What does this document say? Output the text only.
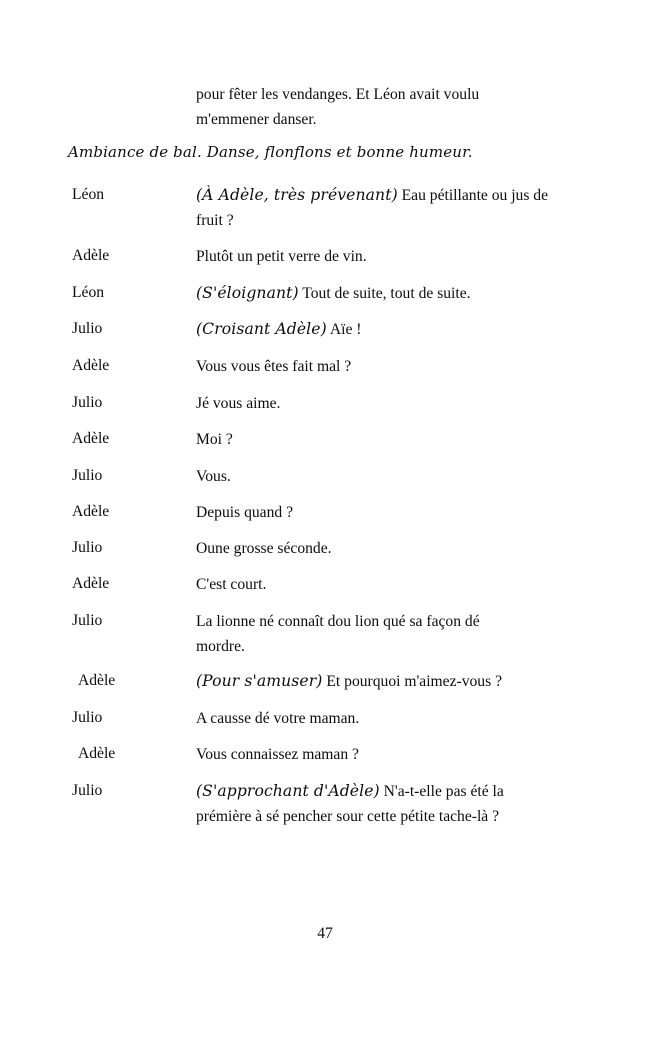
pour fêter les vendanges. Et Léon avait voulu
m'emmener danser.
Ambiance de bal. Danse, flonflons et bonne humeur.
Léon	(À Adèle, très prévenant) Eau pétillante ou jus de
fruit ?
Adèle	Plutôt un petit verre de vin.
Léon	(S'éloignant) Tout de suite, tout de suite.
Julio	(Croisant Adèle) Aïe !
Adèle	Vous vous êtes fait mal ?
Julio	Jé vous aime.
Adèle	Moi ?
Julio	Vous.
Adèle	Depuis quand ?
Julio	Oune grosse séconde.
Adèle	C'est court.
Julio	La lionne né connaît dou lion qué sa façon dé
mordre.
Adèle	(Pour s'amuser) Et pourquoi m'aimez-vous ?
Julio	A causse dé votre maman.
Adèle	Vous connaissez maman ?
Julio	(S'approchant d'Adèle) N'a-t-elle pas été la
prémière à sé pencher sour cette pétite tache-là ?
47
